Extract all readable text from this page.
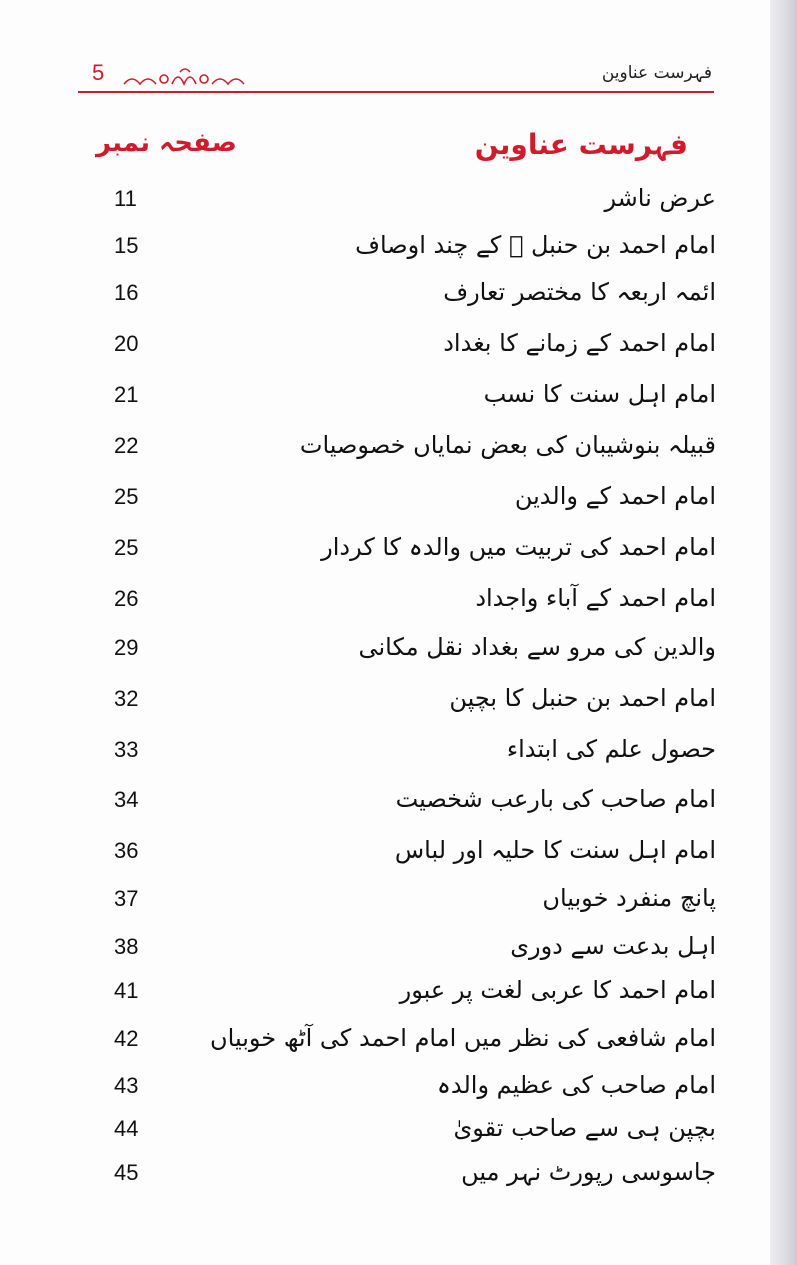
5	فہرست عناوین
فہرست عناوین
صفحہ نمبر
عرض ناشر
11
امام احمد بن حنبل ﷫ کے چند اوصاف
15
ائمہ اربعہ کا مختصر تعارف
16
امام احمد کے زمانے کا بغداد
20
امام اہل سنت کا نسب
21
قبیلہ بنوشیبان کی بعض نمایاں خصوصیات
22
امام احمد کے والدین
25
امام احمد کی تربیت میں والدہ کا کردار
25
امام احمد کے آباء واجداد
26
والدین کی مرو سے بغداد نقل مکانی
29
امام احمد بن حنبل کا بچپن
32
حصول علم کی ابتداء
33
امام صاحب کی بارعب شخصیت
34
امام اہل سنت کا حلیہ اور لباس
36
پانچ منفرد خوبیاں
37
اہل بدعت سے دوری
38
امام احمد کا عربی لغت پر عبور
41
امام شافعی کی نظر میں امام احمد کی آٹھ خوبیاں
42
امام صاحب کی عظیم والدہ
43
بچپن ہی سے صاحب تقویٰ
44
جاسوسی رپورٹ نہر میں
45
